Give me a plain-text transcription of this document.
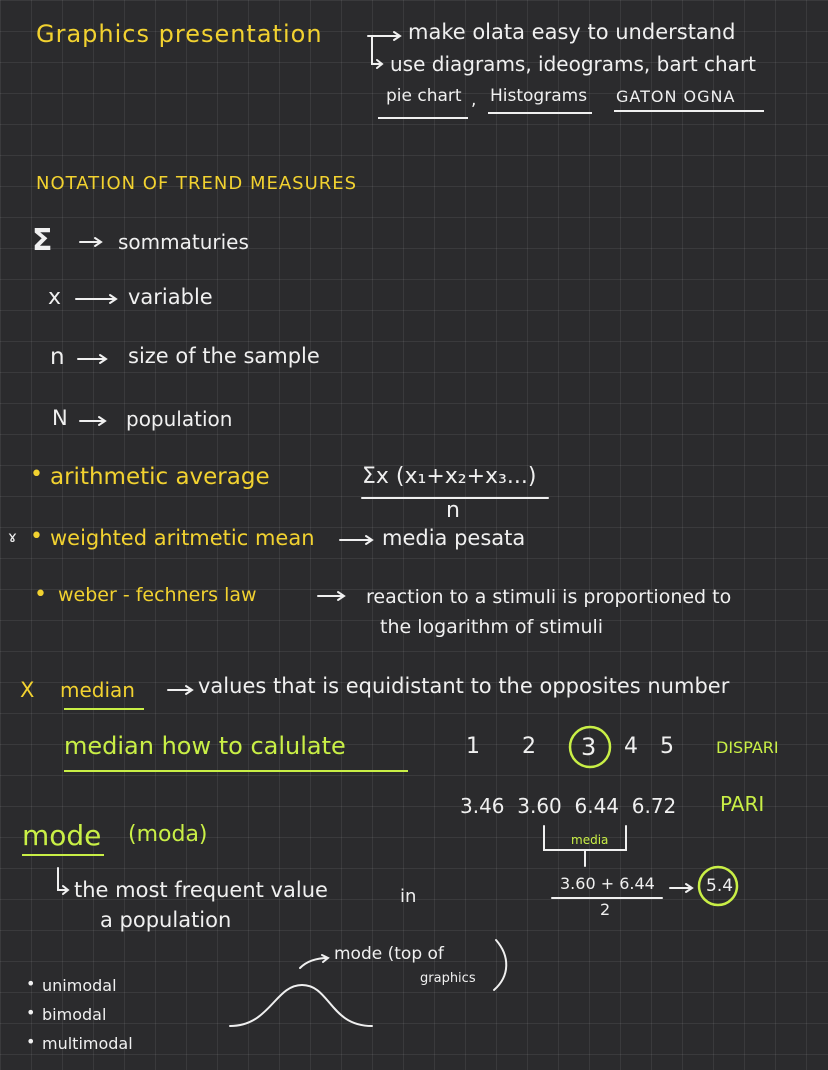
Graphics presentation	make olata easy to understand
use diagrams, ideograms, bart chart
pie chart , Histograms GATON OGNA
NOTATION OF TREND MEASURES
Σ	sommaturies
x	variable
n	size of the sample
N	population
• arithmetic average	Σx (x₁+x₂+x₃...)
n
ɤ • weighted aritmetic mean	media pesata
• weber - fechners law	reaction to a stimuli is proportioned to
the logarithm of stimuli
X median	values that is equidistant to the opposites number
median how to calulate	1 2 3 4 5	DISPARI
3.46  3.60  6.44  6.72 PARI
media
3.60 + 6.44
2
5.4
mode (moda)
the most frequent value	in
a population
mode (top of
graphics
• unimodal
• bimodal
• multimodal
